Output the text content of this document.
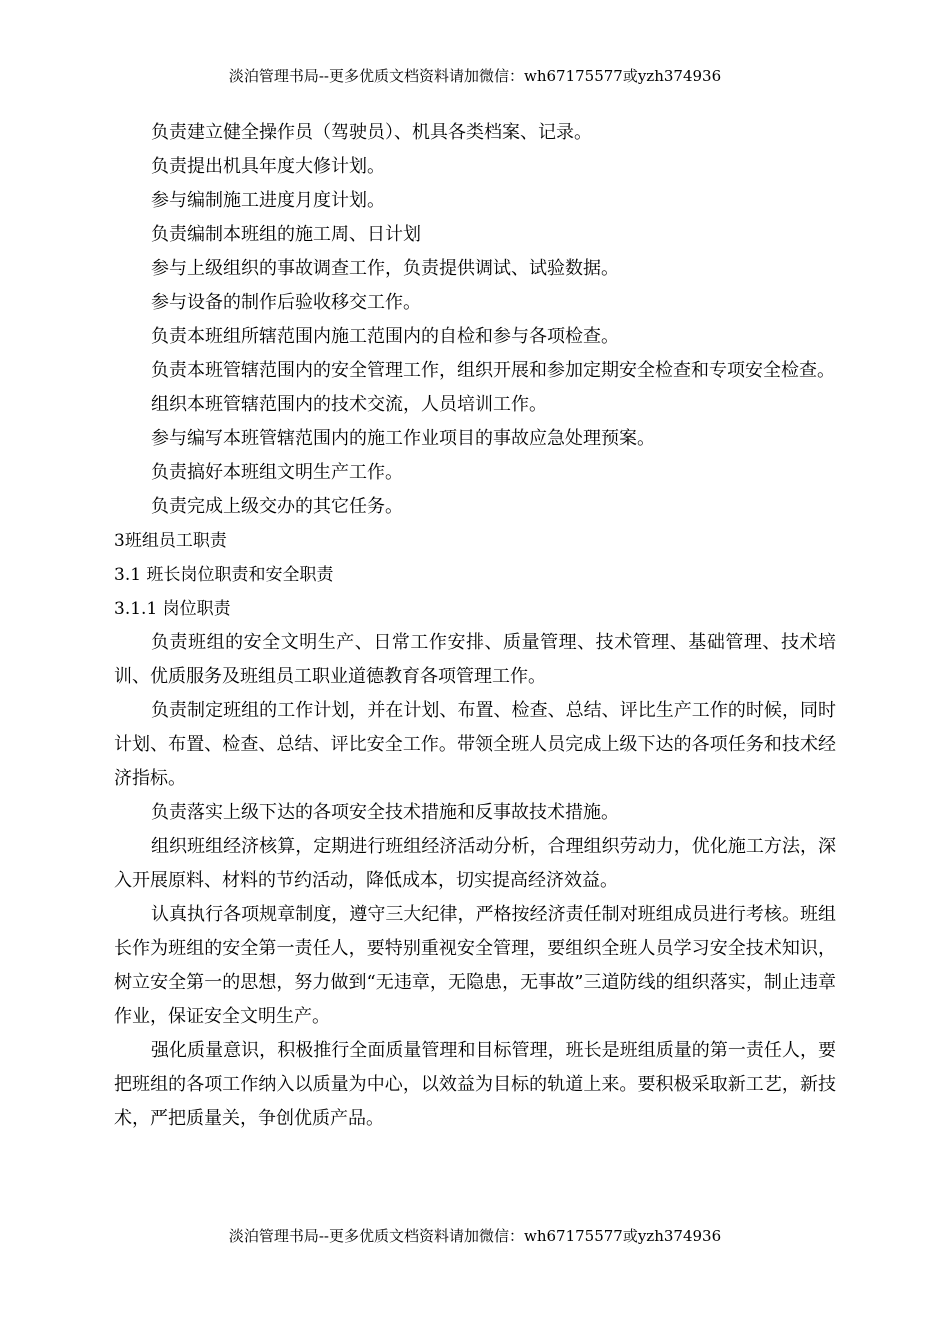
淡泊管理书局--更多优质文档资料请加微信：wh67175577或yzh374936

负责建立健全操作员（驾驶员）、机具各类档案、记录。

负责提出机具年度大修计划。

参与编制施工进度月度计划。

负责编制本班组的施工周、日计划

参与上级组织的事故调查工作，负责提供调试、试验数据。

参与设备的制作后验收移交工作。

负责本班组所辖范围内施工范围内的自检和参与各项检查。

负责本班管辖范围内的安全管理工作，组织开展和参加定期安全检查和专项安全检查。

组织本班管辖范围内的技术交流，人员培训工作。

参与编写本班管辖范围内的施工作业项目的事故应急处理预案。

负责搞好本班组文明生产工作。

负责完成上级交办的其它任务。

3班组员工职责

3.1 班长岗位职责和安全职责

3.1.1 岗位职责

负责班组的安全文明生产、日常工作安排、质量管理、技术管理、基础管理、技术培训、优质服务及班组员工职业道德教育各项管理工作。

负责制定班组的工作计划，并在计划、布置、检查、总结、评比生产工作的时候，同时计划、布置、检查、总结、评比安全工作。带领全班人员完成上级下达的各项任务和技术经济指标。

负责落实上级下达的各项安全技术措施和反事故技术措施。

组织班组经济核算，定期进行班组经济活动分析，合理组织劳动力，优化施工方法，深入开展原料、材料的节约活动，降低成本，切实提高经济效益。

认真执行各项规章制度，遵守三大纪律，严格按经济责任制对班组成员进行考核。班组长作为班组的安全第一责任人，要特别重视安全管理，要组织全班人员学习安全技术知识，树立安全第一的思想，努力做到“无违章，无隐患，无事故”三道防线的组织落实，制止违章作业，保证安全文明生产。

强化质量意识，积极推行全面质量管理和目标管理，班长是班组质量的第一责任人，要把班组的各项工作纳入以质量为中心，以效益为目标的轨道上来。要积极采取新工艺，新技术，严把质量关，争创优质产品。

淡泊管理书局--更多优质文档资料请加微信：wh67175577或yzh374936
